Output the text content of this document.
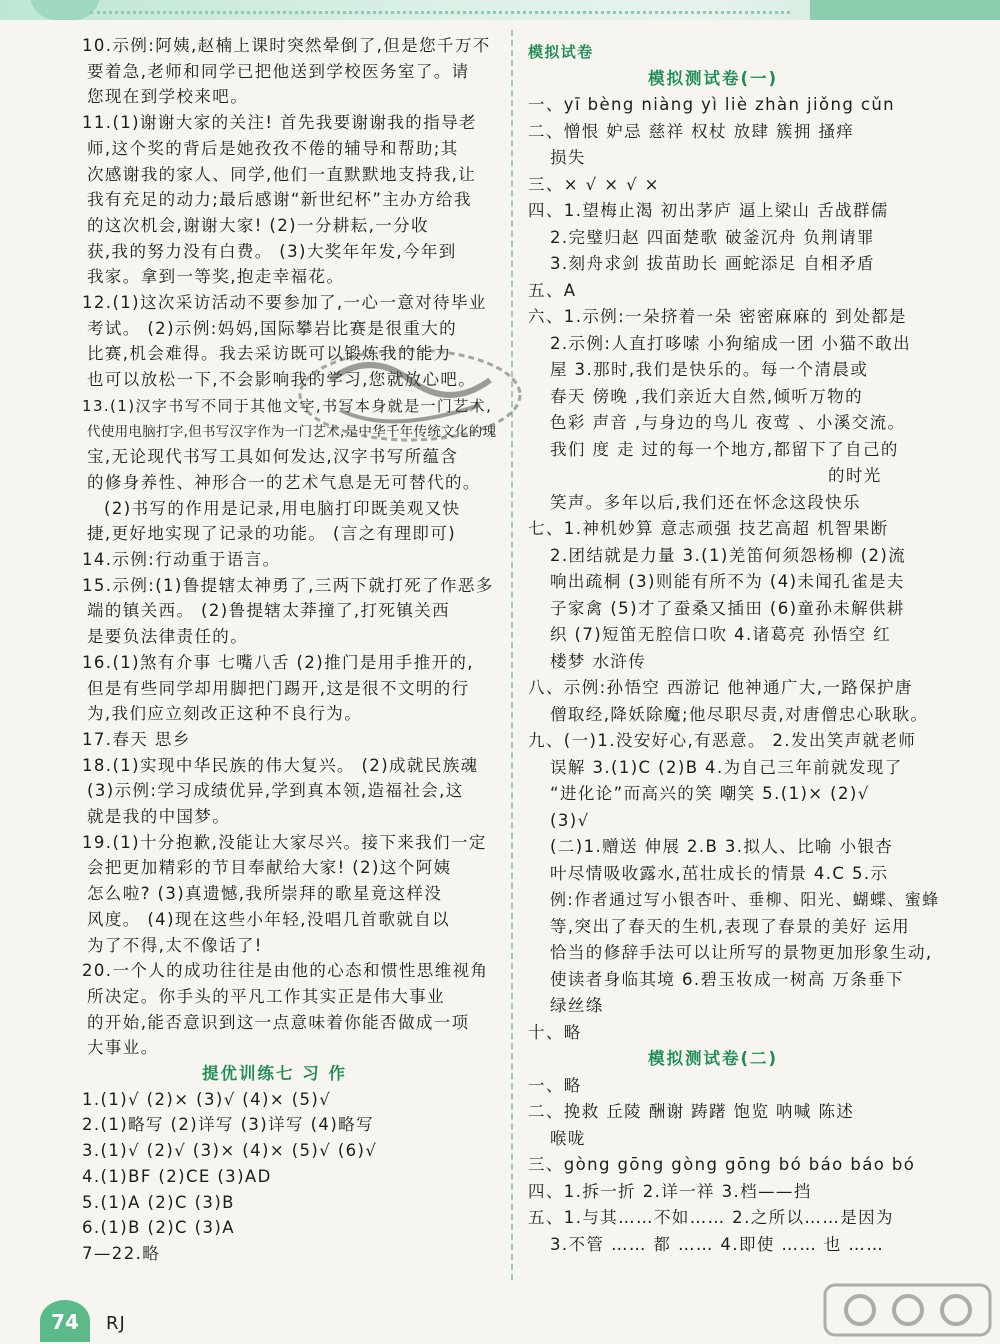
10.示例:阿姨,赵楠上课时突然晕倒了,但是您千万不
要着急,老师和同学已把他送到学校医务室了。请
您现在到学校来吧。
11.(1)谢谢大家的关注! 首先我要谢谢我的指导老
师,这个奖的背后是她孜孜不倦的辅导和帮助;其
次感谢我的家人、同学,他们一直默默地支持我,让
我有充足的动力;最后感谢“新世纪杯”主办方给我
的这次机会,谢谢大家! (2)一分耕耘,一分收
获,我的努力没有白费。 (3)大奖年年发,今年到
我家。拿到一等奖,抱走幸福花。
12.(1)这次采访活动不要参加了,一心一意对待毕业
考试。 (2)示例:妈妈,国际攀岩比赛是很重大的
比赛,机会难得。我去采访既可以锻炼我的能力
也可以放松一下,不会影响我的学习,您就放心吧。
13.(1)汉字书写不同于其他文字,书写本身就是一门艺术,
代使用电脑打字,但书写汉字作为一门艺术,是中华千年传统文化的瑰
宝,无论现代书写工具如何发达,汉字书写所蕴含
的修身养性、神形合一的艺术气息是无可替代的。
(2)书写的作用是记录,用电脑打印既美观又快
捷,更好地实现了记录的功能。 (言之有理即可)
14.示例:行动重于语言。
15.示例:(1)鲁提辖太神勇了,三两下就打死了作恶多
端的镇关西。 (2)鲁提辖太莽撞了,打死镇关西
是要负法律责任的。
16.(1)煞有介事 七嘴八舌 (2)推门是用手推开的,
但是有些同学却用脚把门踢开,这是很不文明的行
为,我们应立刻改正这种不良行为。
17.春天 思乡
18.(1)实现中华民族的伟大复兴。 (2)成就民族魂
(3)示例:学习成绩优异,学到真本领,造福社会,这
就是我的中国梦。
19.(1)十分抱歉,没能让大家尽兴。接下来我们一定
会把更加精彩的节目奉献给大家! (2)这个阿姨
怎么啦? (3)真遗憾,我所崇拜的歌星竟这样没
风度。 (4)现在这些小年轻,没唱几首歌就自以
为了不得,太不像话了!
20.一个人的成功往往是由他的心态和惯性思维视角
所决定。你手头的平凡工作其实正是伟大事业
的开始,能否意识到这一点意味着你能否做成一项
大事业。
提优训练七 习 作
1.(1)√ (2)× (3)√ (4)× (5)√
2.(1)略写 (2)详写 (3)详写 (4)略写
3.(1)√ (2)√ (3)× (4)× (5)√ (6)√
4.(1)BF (2)CE (3)AD
5.(1)A (2)C (3)B
6.(1)B (2)C (3)A
7—22.略
模拟试卷
模拟测试卷(一)
一、yī bèng niàng yì liè zhàn jiǒng cǔn
二、憎恨 妒忌 慈祥 权杖 放肆 簇拥 搔痒
损失
三、× √ × √ ×
四、1.望梅止渴 初出茅庐 逼上梁山 舌战群儒
2.完璧归赵 四面楚歌 破釜沉舟 负荆请罪
3.刻舟求剑 拔苗助长 画蛇添足 自相矛盾
五、A
六、1.示例:一朵挤着一朵 密密麻麻的 到处都是
2.示例:人直打哆嗦 小狗缩成一团 小猫不敢出
屋 3.那时,我们是快乐的。每一个清晨或
春天 傍晚 ,我们亲近大自然,倾听万物的
色彩 声音 ,与身边的鸟儿 夜莺 、小溪交流。
我们 度 走 过的每一个地方,都留下了自己的
的时光
笑声。多年以后,我们还在怀念这段快乐
七、1.神机妙算 意志顽强 技艺高超 机智果断
2.团结就是力量 3.(1)羌笛何须怨杨柳 (2)流
响出疏桐 (3)则能有所不为 (4)未闻孔雀是夫
子家禽 (5)才了蚕桑又插田 (6)童孙未解供耕
织 (7)短笛无腔信口吹 4.诸葛亮 孙悟空 红
楼梦 水浒传
八、示例:孙悟空 西游记 他神通广大,一路保护唐
僧取经,降妖除魔;他尽职尽责,对唐僧忠心耿耿。
九、(一)1.没安好心,有恶意。 2.发出笑声就老师
误解 3.(1)C (2)B 4.为自己三年前就发现了
“进化论”而高兴的笑 嘲笑 5.(1)× (2)√
(3)√
(二)1.赠送 伸展 2.B 3.拟人、比喻 小银杏
叶尽情吸收露水,茁壮成长的情景 4.C 5.示
例:作者通过写小银杏叶、垂柳、阳光、蝴蝶、蜜蜂
等,突出了春天的生机,表现了春景的美好 运用
恰当的修辞手法可以让所写的景物更加形象生动,
使读者身临其境 6.碧玉妆成一树高 万条垂下
绿丝绦
十、略
模拟测试卷(二)
一、略
二、挽救 丘陵 酬谢 踌躇 饱览 呐喊 陈述
喉咙
三、gòng gōng gòng gōng bó báo báo bó
四、1.拆一折 2.详一祥 3.档——挡
五、1.与其……不如…… 2.之所以……是因为
3.不管 …… 都 …… 4.即使 …… 也 ……
74	RJ
